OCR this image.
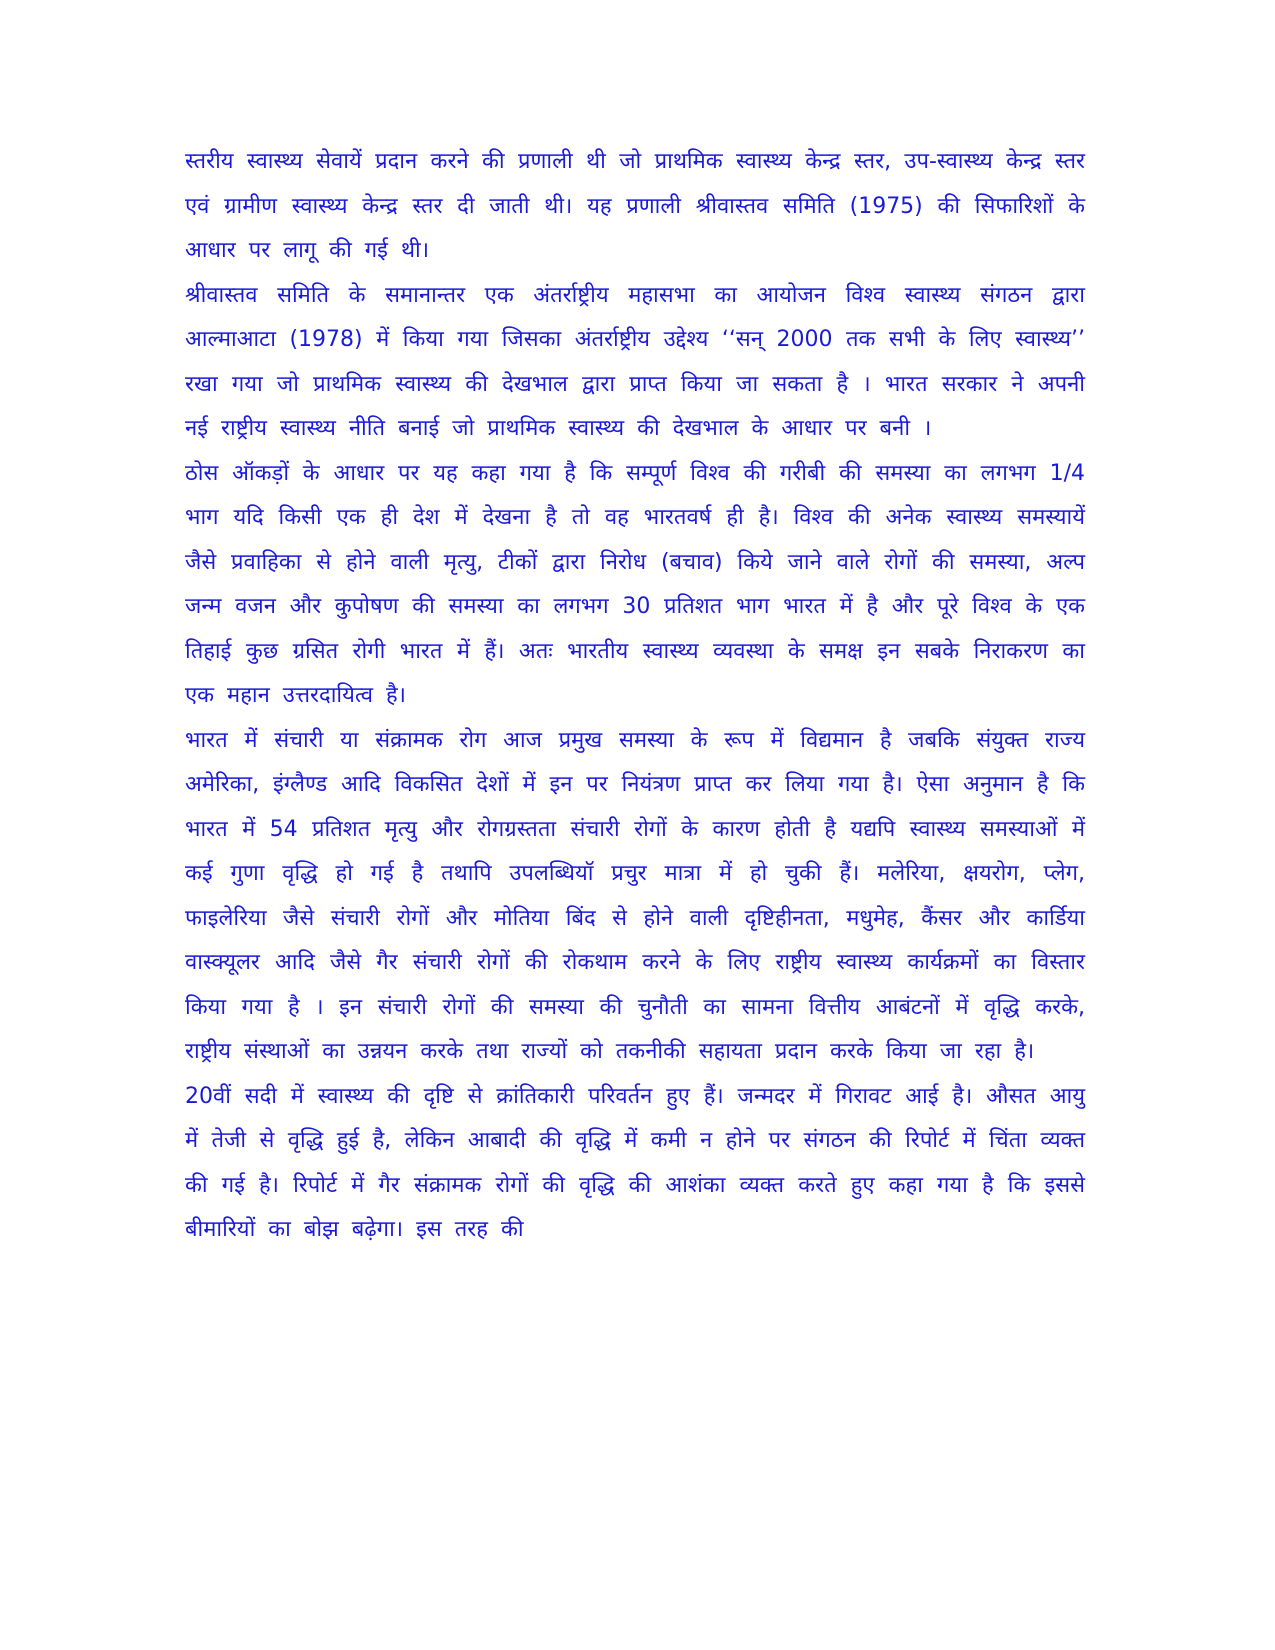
स्तरीय स्वास्थ्य सेवायें प्रदान करने की प्रणाली थी जो प्राथमिक स्वास्थ्य केन्द्र स्तर, उप-स्वास्थ्य केन्द्र स्तर एवं ग्रामीण स्वास्थ्य केन्द्र स्तर दी जाती थी। यह प्रणाली श्रीवास्तव समिति (1975) की सिफारिशों के आधार पर लागू की गई थी।

श्रीवास्तव समिति के समानान्तर एक अंतर्राष्ट्रीय महासभा का आयोजन विश्व स्वास्थ्य संगठन द्वारा आल्माआटा (1978) में किया गया जिसका अंतर्राष्ट्रीय उद्देश्य ‘‘सन् 2000 तक सभी के लिए स्वास्थ्य’’ रखा गया जो प्राथमिक स्वास्थ्य की देखभाल द्वारा प्राप्त किया जा सकता है । भारत सरकार ने अपनी नई राष्ट्रीय स्वास्थ्य नीति बनाई जो प्राथमिक स्वास्थ्य की देखभाल के आधार पर बनी ।

ठोस ऑकड़ों के आधार पर यह कहा गया है कि सम्पूर्ण विश्व की गरीबी की समस्या का लगभग 1/4 भाग यदि किसी एक ही देश में देखना है तो वह भारतवर्ष ही है। विश्व की अनेक स्वास्थ्य समस्यायें जैसे प्रवाहिका से होने वाली मृत्यु, टीकों द्वारा निरोध (बचाव) किये जाने वाले रोगों की समस्या, अल्प जन्म वजन और कुपोषण की समस्या का लगभग 30 प्रतिशत भाग भारत में है और पूरे विश्व के एक तिहाई कुछ ग्रसित रोगी भारत में हैं। अतः भारतीय स्वास्थ्य व्यवस्था के समक्ष इन सबके निराकरण का एक महान उत्तरदायित्व है।

भारत में संचारी या संक्रामक रोग आज प्रमुख समस्या के रूप में विद्यमान है जबकि संयुक्त राज्य अमेरिका, इंग्लैण्ड आदि विकसित देशों में इन पर नियंत्रण प्राप्त कर लिया गया है। ऐसा अनुमान है कि भारत में 54 प्रतिशत मृत्यु और रोगग्रस्तता संचारी रोगों के कारण होती है यद्यपि स्वास्थ्य समस्याओं में कई गुणा वृद्धि हो गई है तथापि उपलब्धियॉ प्रचुर मात्रा में हो चुकी हैं। मलेरिया, क्षयरोग, प्लेग, फाइलेरिया जैसे संचारी रोगों और मोतिया बिंद से होने वाली दृष्टिहीनता, मधुमेह, कैंसर और कार्डिया वास्क्यूलर आदि जैसे गैर संचारी रोगों की रोकथाम करने के लिए राष्ट्रीय स्वास्थ्य कार्यक्रमों का विस्तार किया गया है । इन संचारी रोगों की समस्या की चुनौती का सामना वित्तीय आबंटनों में वृद्धि करके, राष्ट्रीय संस्थाओं का उन्नयन करके तथा राज्यों को तकनीकी सहायता प्रदान करके किया जा रहा है।

20वीं सदी में स्वास्थ्य की दृष्टि से क्रांतिकारी परिवर्तन हुए हैं। जन्मदर में गिरावट आई है। औसत आयु में तेजी से वृद्धि हुई है, लेकिन आबादी की वृद्धि में कमी न होने पर संगठन की रिपोर्ट में चिंता व्यक्त की गई है। रिपोर्ट में गैर संक्रामक रोगों की वृद्धि की आशंका व्यक्त करते हुए कहा गया है कि इससे बीमारियों का बोझ बढ़ेगा। इस तरह की
